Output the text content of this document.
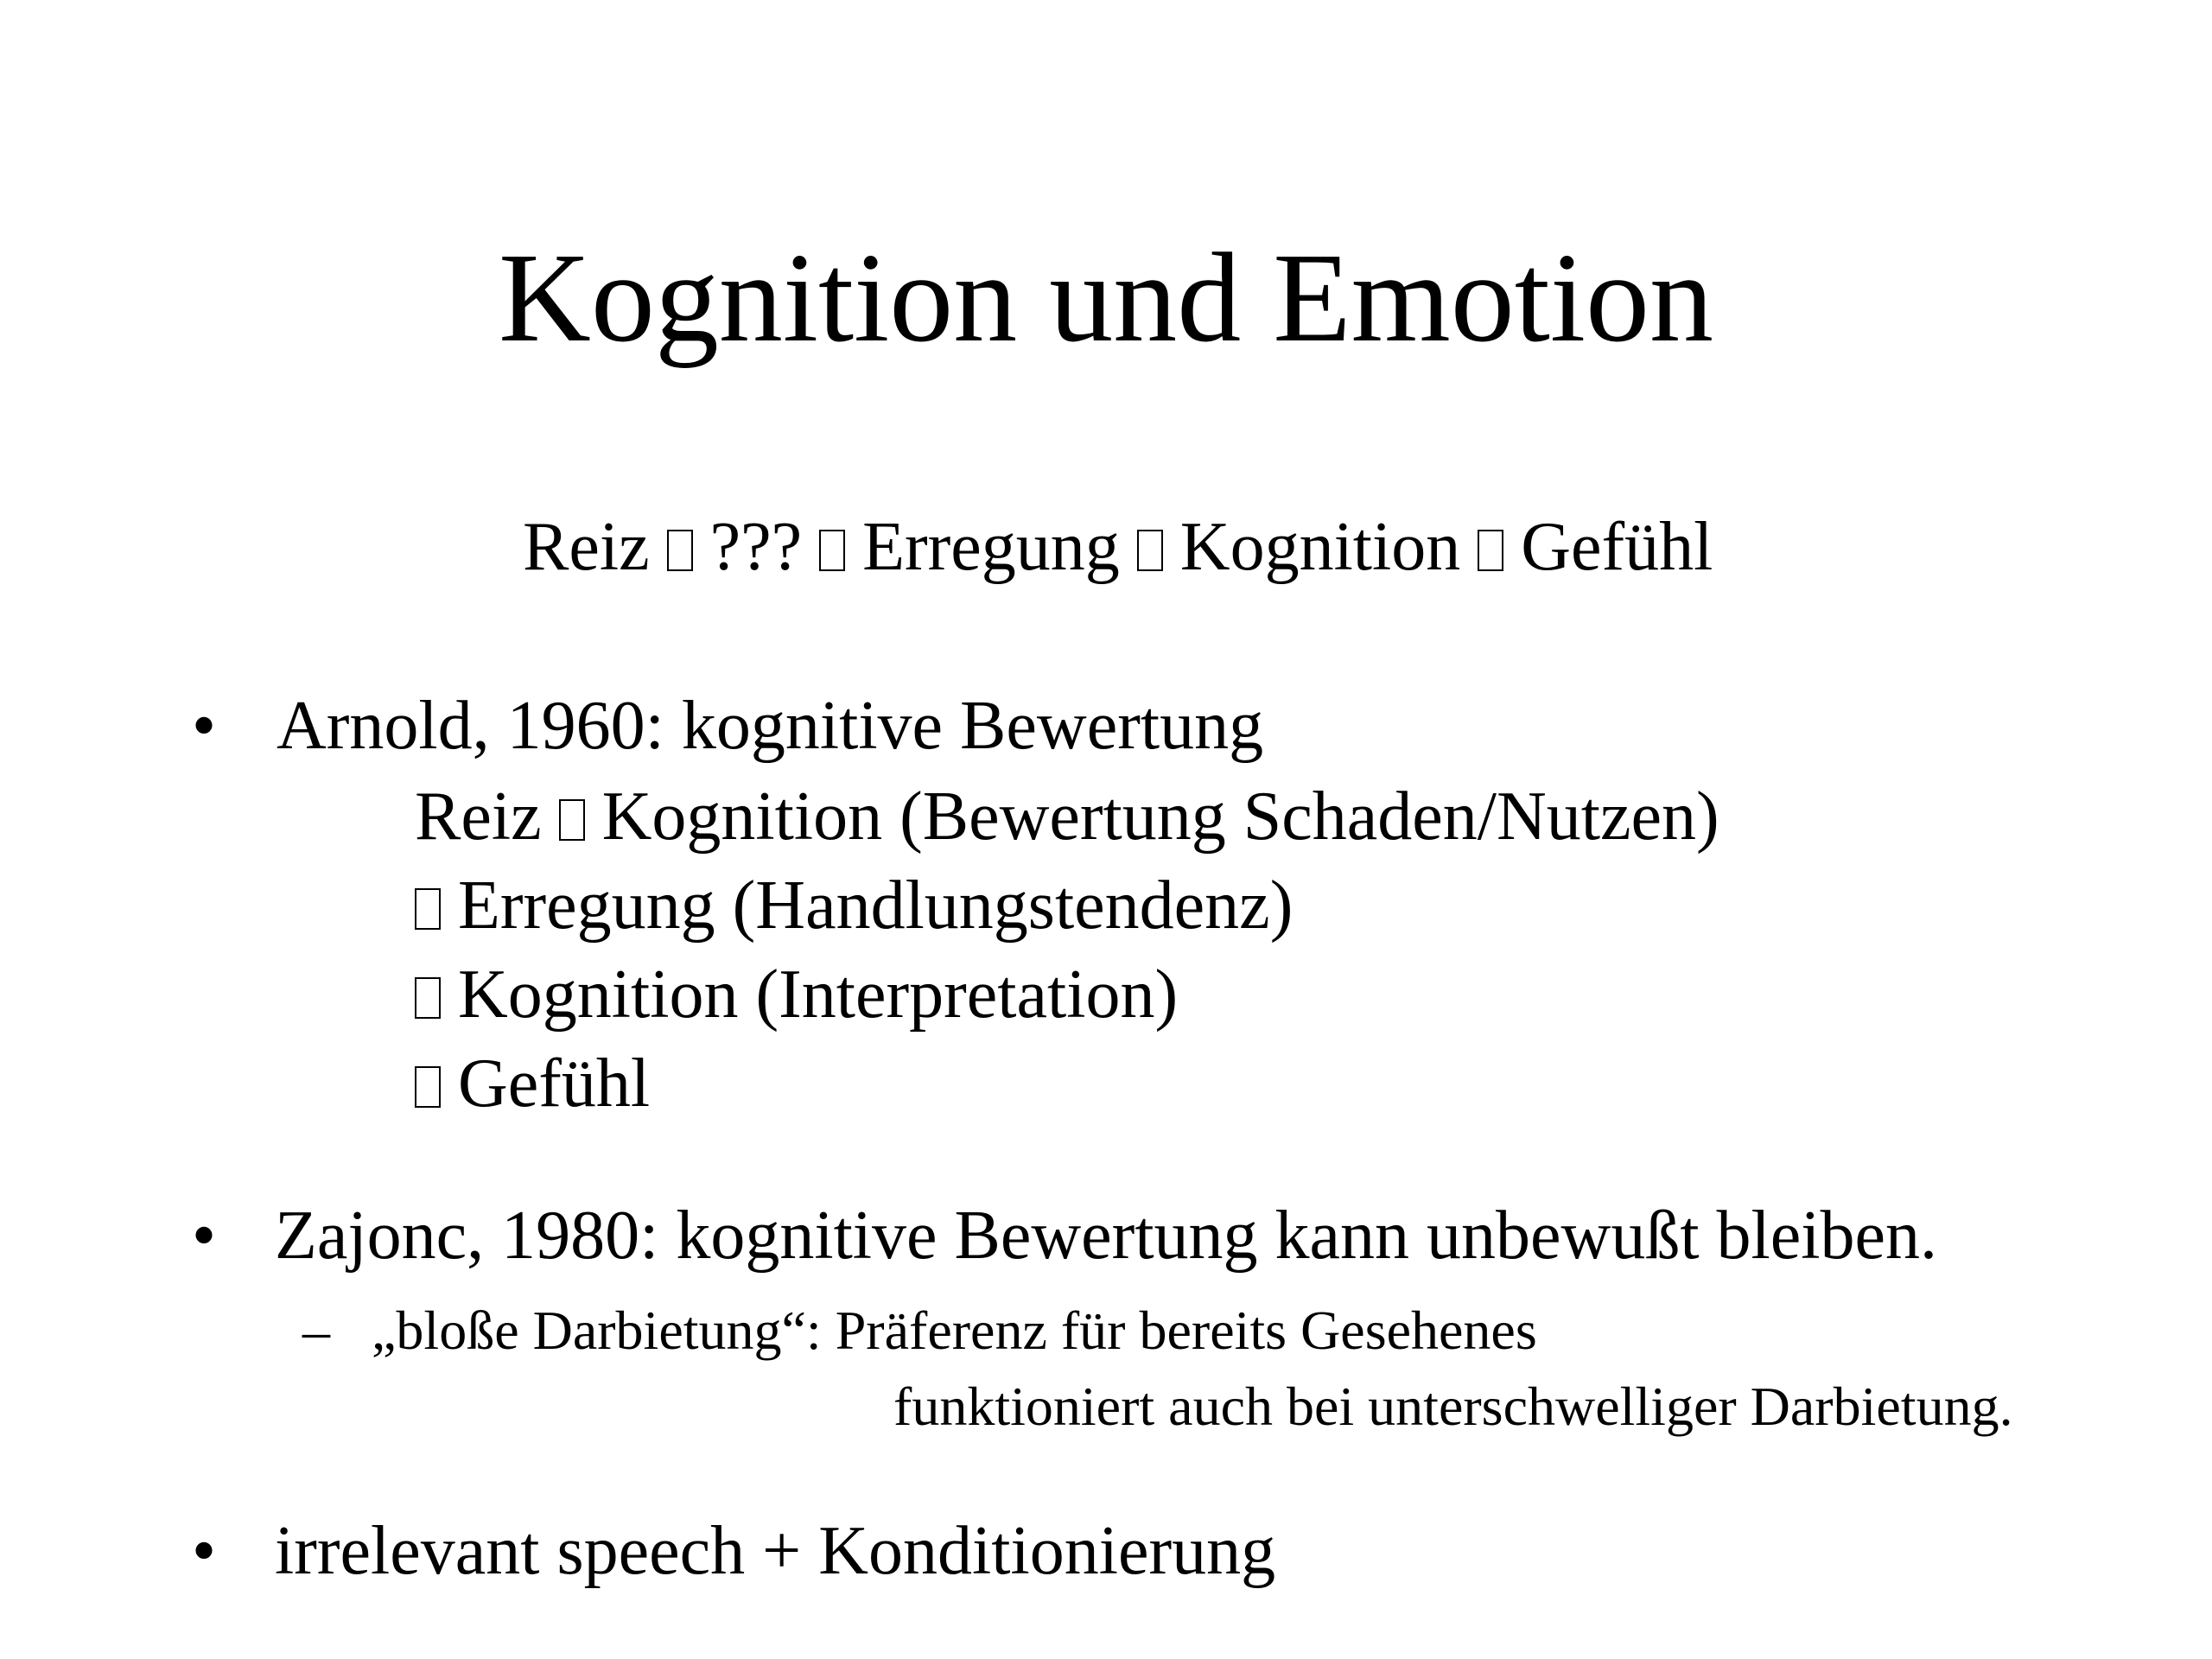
Kognition und Emotion
Reiz ??? Erregung Kognition Gefühl
• Arnold, 1960: kognitive Bewertung
Reiz Kognition (Bewertung Schaden/Nutzen)
Erregung (Handlungstendenz)
Kognition (Interpretation)
Gefühl
• Zajonc, 1980: kognitive Bewertung kann unbewußt bleiben.
– „bloße Darbietung“: Präferenz für bereits Gesehenes
funktioniert auch bei unterschwelliger Darbietung.
• irrelevant speech + Konditionierung
